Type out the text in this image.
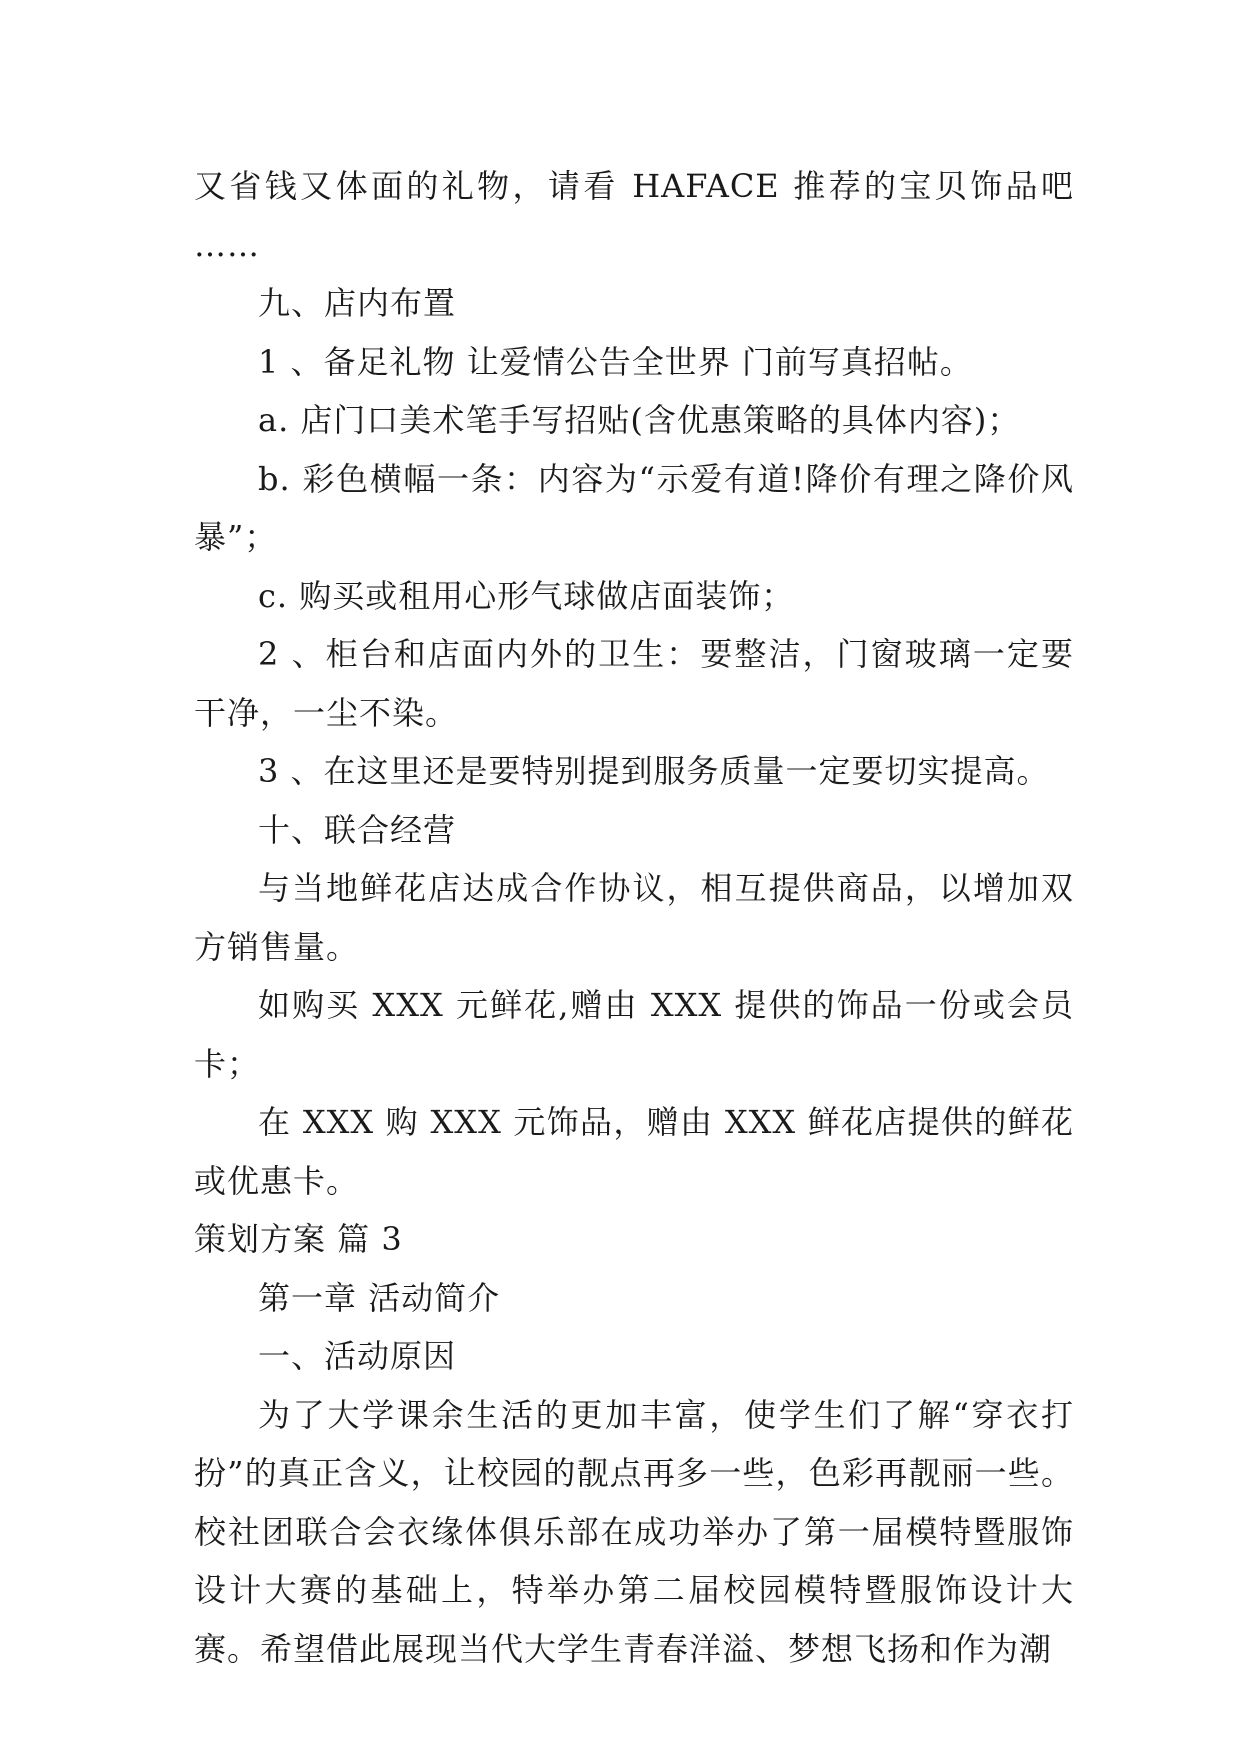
又省钱又体面的礼物，请看 HAFACE 推荐的宝贝饰品吧 ……

九、店内布置

1 、备足礼物 让爱情公告全世界 门前写真招帖。

a. 店门口美术笔手写招贴(含优惠策略的具体内容)；

b. 彩色横幅一条：内容为“示爱有道!降价有理之降价风暴”；

c. 购买或租用心形气球做店面装饰；

2 、柜台和店面内外的卫生：要整洁，门窗玻璃一定要干净，一尘不染。

3 、在这里还是要特别提到服务质量一定要切实提高。

十、联合经营

与当地鲜花店达成合作协议，相互提供商品，以增加双方销售量。

如购买 XXX 元鲜花,赠由 XXX 提供的饰品一份或会员卡；

在 XXX 购 XXX 元饰品，赠由 XXX 鲜花店提供的鲜花或优惠卡。

策划方案 篇 3

第一章 活动简介

一、活动原因

为了大学课余生活的更加丰富，使学生们了解“穿衣打扮”的真正含义，让校园的靓点再多一些，色彩再靓丽一些。校社团联合会衣缘体俱乐部在成功举办了第一届模特暨服饰设计大赛的基础上，特举办第二届校园模特暨服饰设计大赛。希望借此展现当代大学生青春洋溢、梦想飞扬和作为潮
